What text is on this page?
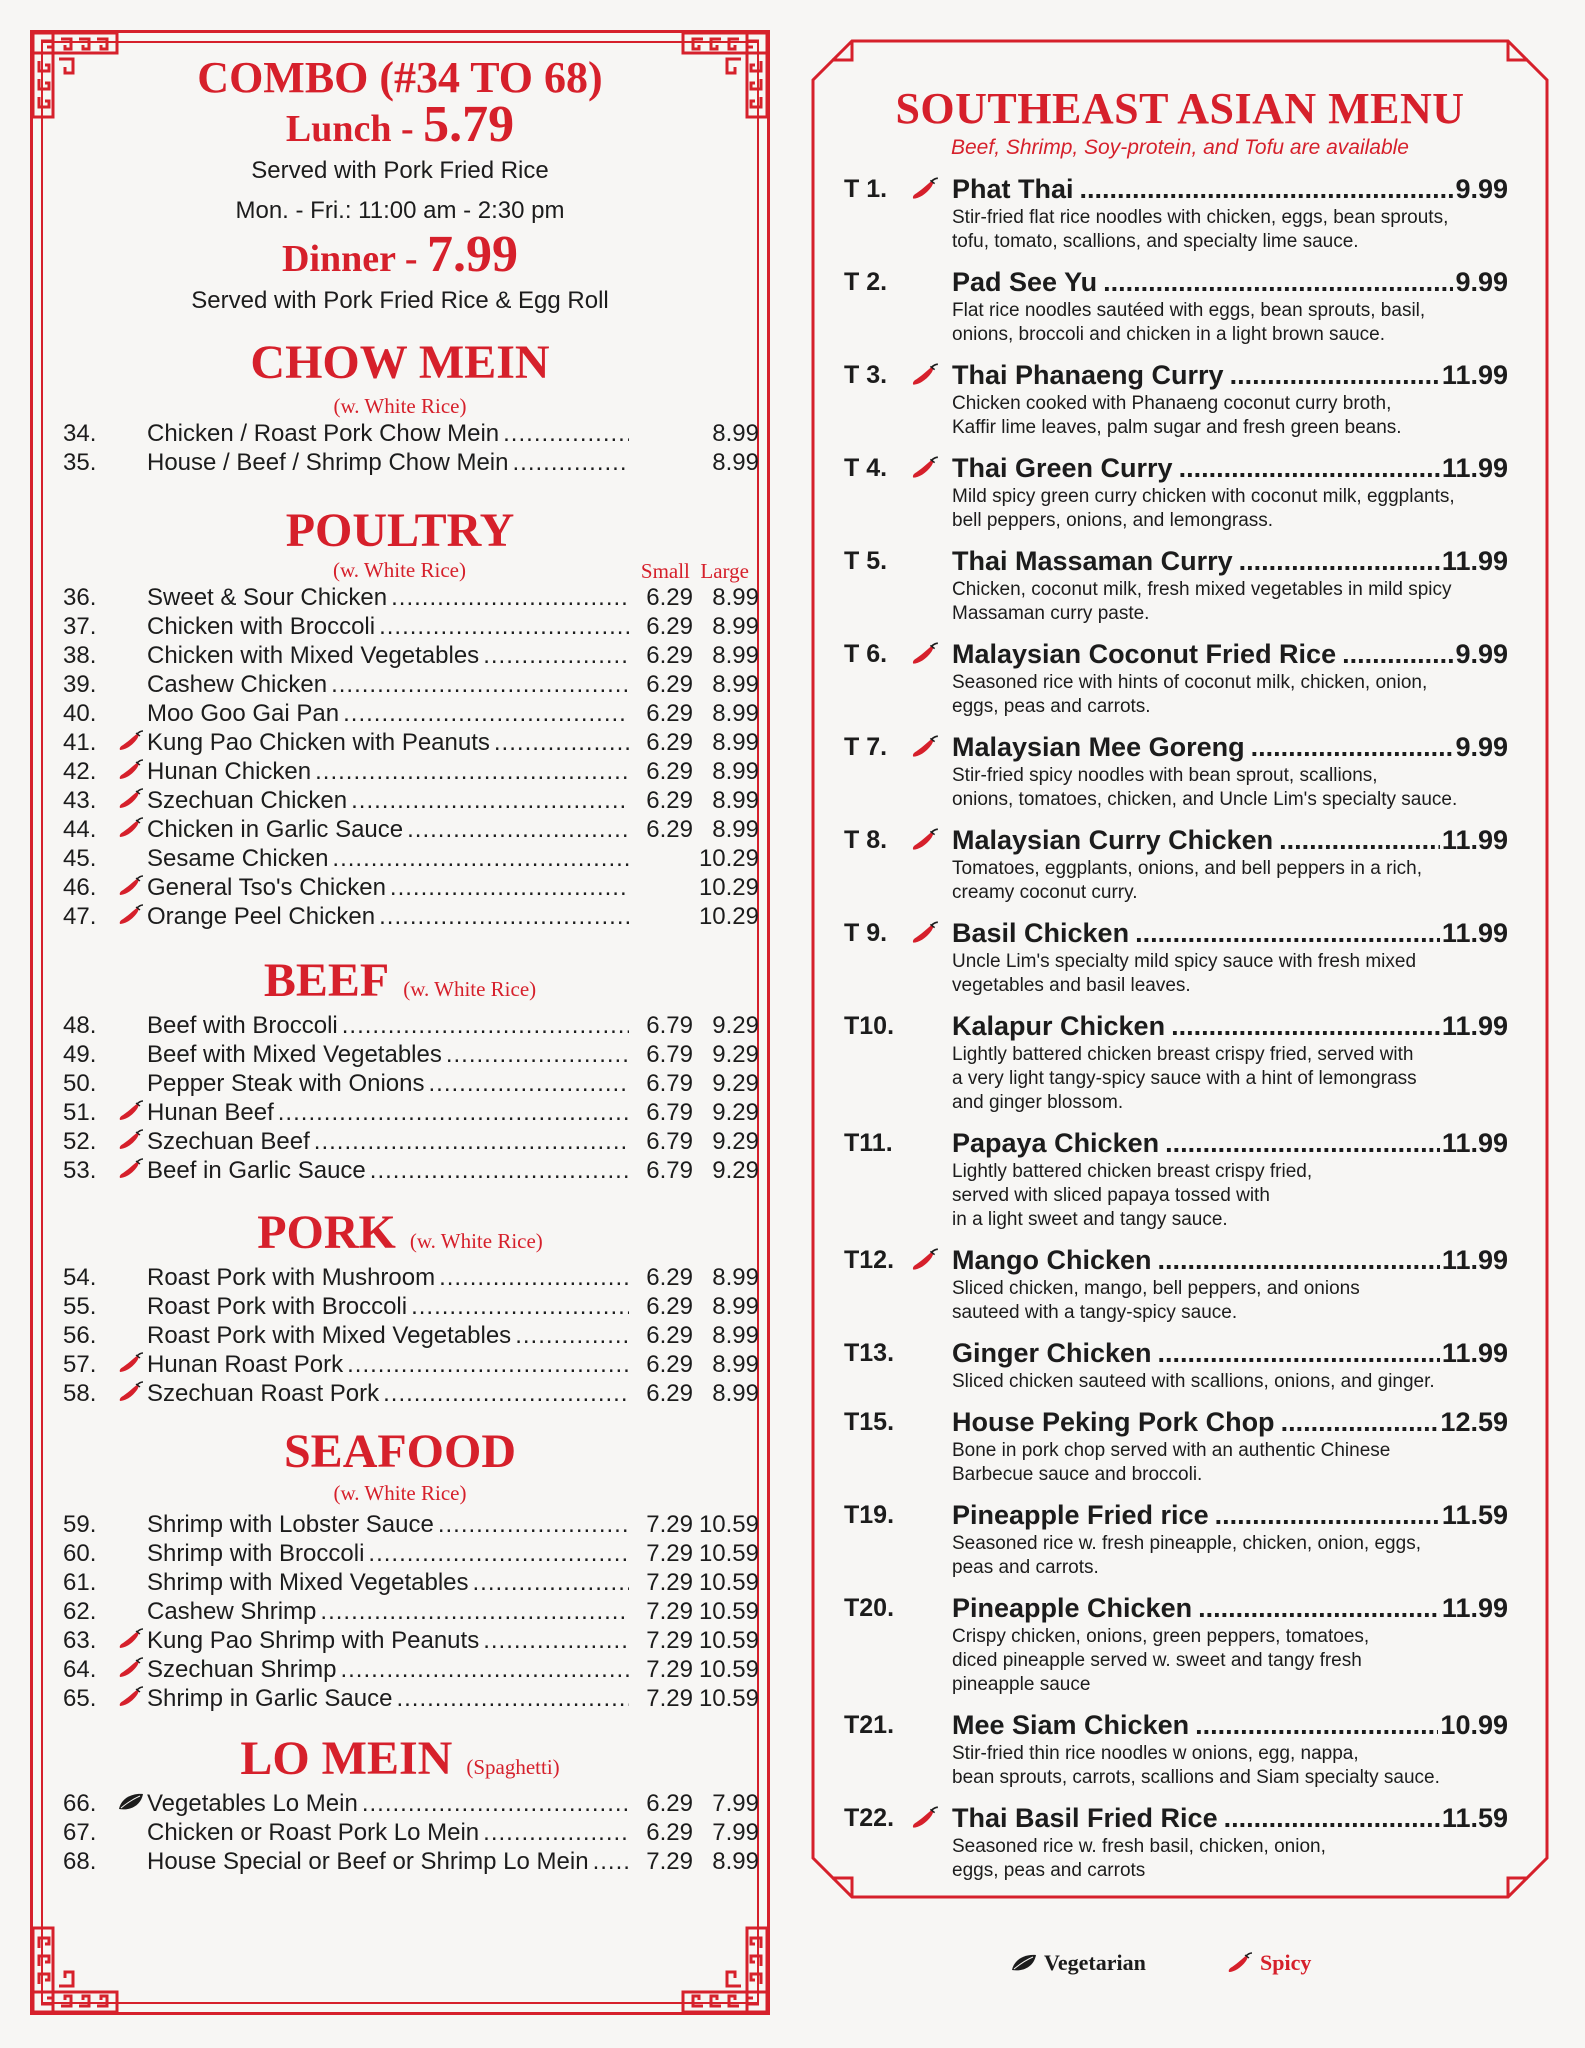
COMBO (#34 TO 68)
Lunch - 5.79
Served with Pork Fried Rice
Mon. - Fri.: 11:00 am - 2:30 pm
Dinner - 7.99
Served with Pork Fried Rice & Egg Roll
CHOW MEIN
(w. White Rice)
34.	Chicken / Roast Pork Chow Mein .....	8.99
35.	House / Beef / Shrimp Chow Mein .....	8.99
POULTRY
(w. White Rice)	Small Large
36.	Sweet & Sour Chicken .....	6.29 8.99
37.	Chicken with Broccoli .....	6.29 8.99
38.	Chicken with Mixed Vegetables .....	6.29 8.99
39.	Cashew Chicken .....	6.29 8.99
40.	Moo Goo Gai Pan .....	6.29 8.99
41.	Kung Pao Chicken with Peanuts .....	6.29 8.99
42.	Hunan Chicken .....	6.29 8.99
43.	Szechuan Chicken .....	6.29 8.99
44.	Chicken in Garlic Sauce .....	6.29 8.99
45.	Sesame Chicken .....	10.29
46.	General Tso's Chicken .....	10.29
47.	Orange Peel Chicken .....	10.29
BEEF (w. White Rice)
48.	Beef with Broccoli .....	6.79 9.29
49.	Beef with Mixed Vegetables .....	6.79 9.29
50.	Pepper Steak with Onions .....	6.79 9.29
51.	Hunan Beef .....	6.79 9.29
52.	Szechuan Beef .....	6.79 9.29
53.	Beef in Garlic Sauce .....	6.79 9.29
PORK (w. White Rice)
54.	Roast Pork with Mushroom .....	6.29 8.99
55.	Roast Pork with Broccoli .....	6.29 8.99
56.	Roast Pork with Mixed Vegetables .....	6.29 8.99
57.	Hunan Roast Pork .....	6.29 8.99
58.	Szechuan Roast Pork .....	6.29 8.99
SEAFOOD
(w. White Rice)
59.	Shrimp with Lobster Sauce .....	7.29 10.59
60.	Shrimp with Broccoli .....	7.29 10.59
61.	Shrimp with Mixed Vegetables .....	7.29 10.59
62.	Cashew Shrimp .....	7.29 10.59
63.	Kung Pao Shrimp with Peanuts .....	7.29 10.59
64.	Szechuan Shrimp .....	7.29 10.59
65.	Shrimp in Garlic Sauce .....	7.29 10.59
LO MEIN (Spaghetti)
66.	Vegetables Lo Mein .....	6.29 7.99
67.	Chicken or Roast Pork Lo Mein .....	6.29 7.99
68.	House Special or Beef or Shrimp Lo Mein .....	7.29 8.99
SOUTHEAST ASIAN MENU
Beef, Shrimp, Soy-protein, and Tofu are available
T 1. Phat Thai .....	9.99
Stir-fried flat rice noodles with chicken, eggs, bean sprouts,
tofu, tomato, scallions, and specialty lime sauce.
T 2. Pad See Yu .....	9.99
Flat rice noodles sautéed with eggs, bean sprouts, basil,
onions, broccoli and chicken in a light brown sauce.
T 3. Thai Phanaeng Curry .....	11.99
Chicken cooked with Phanaeng coconut curry broth,
Kaffir lime leaves, palm sugar and fresh green beans.
T 4. Thai Green Curry .....	11.99
Mild spicy green curry chicken with coconut milk, eggplants,
bell peppers, onions, and lemongrass.
T 5. Thai Massaman Curry .....	11.99
Chicken, coconut milk, fresh mixed vegetables in mild spicy
Massaman curry paste.
T 6. Malaysian Coconut Fried Rice .....	9.99
Seasoned rice with hints of coconut milk, chicken, onion,
eggs, peas and carrots.
T 7. Malaysian Mee Goreng .....	9.99
Stir-fried spicy noodles with bean sprout, scallions,
onions, tomatoes, chicken, and Uncle Lim's specialty sauce.
T 8. Malaysian Curry Chicken .....	11.99
Tomatoes, eggplants, onions, and bell peppers in a rich,
creamy coconut curry.
T 9. Basil Chicken .....	11.99
Uncle Lim's specialty mild spicy sauce with fresh mixed
vegetables and basil leaves.
T10. Kalapur Chicken .....	11.99
Lightly battered chicken breast crispy fried, served with
a very light tangy-spicy sauce with a hint of lemongrass
and ginger blossom.
T11. Papaya Chicken .....	11.99
Lightly battered chicken breast crispy fried,
served with sliced papaya tossed with
in a light sweet and tangy sauce.
T12. Mango Chicken .....	11.99
Sliced chicken, mango, bell peppers, and onions
sauteed with a tangy-spicy sauce.
T13. Ginger Chicken .....	11.99
Sliced chicken sauteed with scallions, onions, and ginger.
T15. House Peking Pork Chop .....	12.59
Bone in pork chop served with an authentic Chinese
Barbecue sauce and broccoli.
T19. Pineapple Fried rice .....	11.59
Seasoned rice w. fresh pineapple, chicken, onion, eggs,
peas and carrots.
T20. Pineapple Chicken .....	11.99
Crispy chicken, onions, green peppers, tomatoes,
diced pineapple served w. sweet and tangy fresh
pineapple sauce
T21. Mee Siam Chicken .....	10.99
Stir-fried thin rice noodles w onions, egg, nappa,
bean sprouts, carrots, scallions and Siam specialty sauce.
T22. Thai Basil Fried Rice .....	11.59
Seasoned rice w. fresh basil, chicken, onion,
eggs, peas and carrots
Vegetarian	Spicy
